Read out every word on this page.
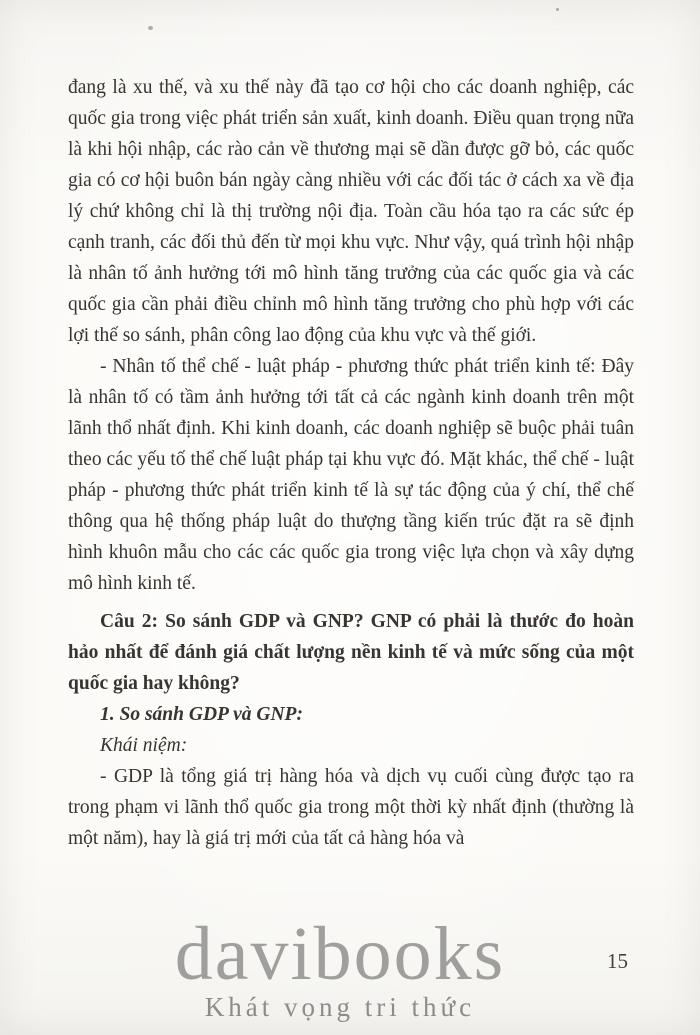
đang là xu thế, và xu thế này đã tạo cơ hội cho các doanh nghiệp, các quốc gia trong việc phát triển sản xuất, kinh doanh. Điều quan trọng nữa là khi hội nhập, các rào cản về thương mại sẽ dần được gỡ bỏ, các quốc gia có cơ hội buôn bán ngày càng nhiều với các đối tác ở cách xa về địa lý chứ không chỉ là thị trường nội địa. Toàn cầu hóa tạo ra các sức ép cạnh tranh, các đối thủ đến từ mọi khu vực. Như vậy, quá trình hội nhập là nhân tố ảnh hưởng tới mô hình tăng trưởng của các quốc gia và các quốc gia cần phải điều chỉnh mô hình tăng trưởng cho phù hợp với các lợi thế so sánh, phân công lao động của khu vực và thế giới.

- Nhân tố thể chế - luật pháp - phương thức phát triển kinh tế: Đây là nhân tố có tầm ảnh hưởng tới tất cả các ngành kinh doanh trên một lãnh thổ nhất định. Khi kinh doanh, các doanh nghiệp sẽ buộc phải tuân theo các yếu tố thể chế luật pháp tại khu vực đó. Mặt khác, thể chế - luật pháp - phương thức phát triển kinh tế là sự tác động của ý chí, thể chế thông qua hệ thống pháp luật do thượng tầng kiến trúc đặt ra sẽ định hình khuôn mẫu cho các các quốc gia trong việc lựa chọn và xây dựng mô hình kinh tế.

Câu 2: So sánh GDP và GNP? GNP có phải là thước đo hoàn hảo nhất để đánh giá chất lượng nền kinh tế và mức sống của một quốc gia hay không?

1. So sánh GDP và GNP:

Khái niệm:

- GDP là tổng giá trị hàng hóa và dịch vụ cuối cùng được tạo ra trong phạm vi lãnh thổ quốc gia trong một thời kỳ nhất định (thường là một năm), hay là giá trị mới của tất cả hàng hóa và

davibooks
Khát vọng tri thức
15
